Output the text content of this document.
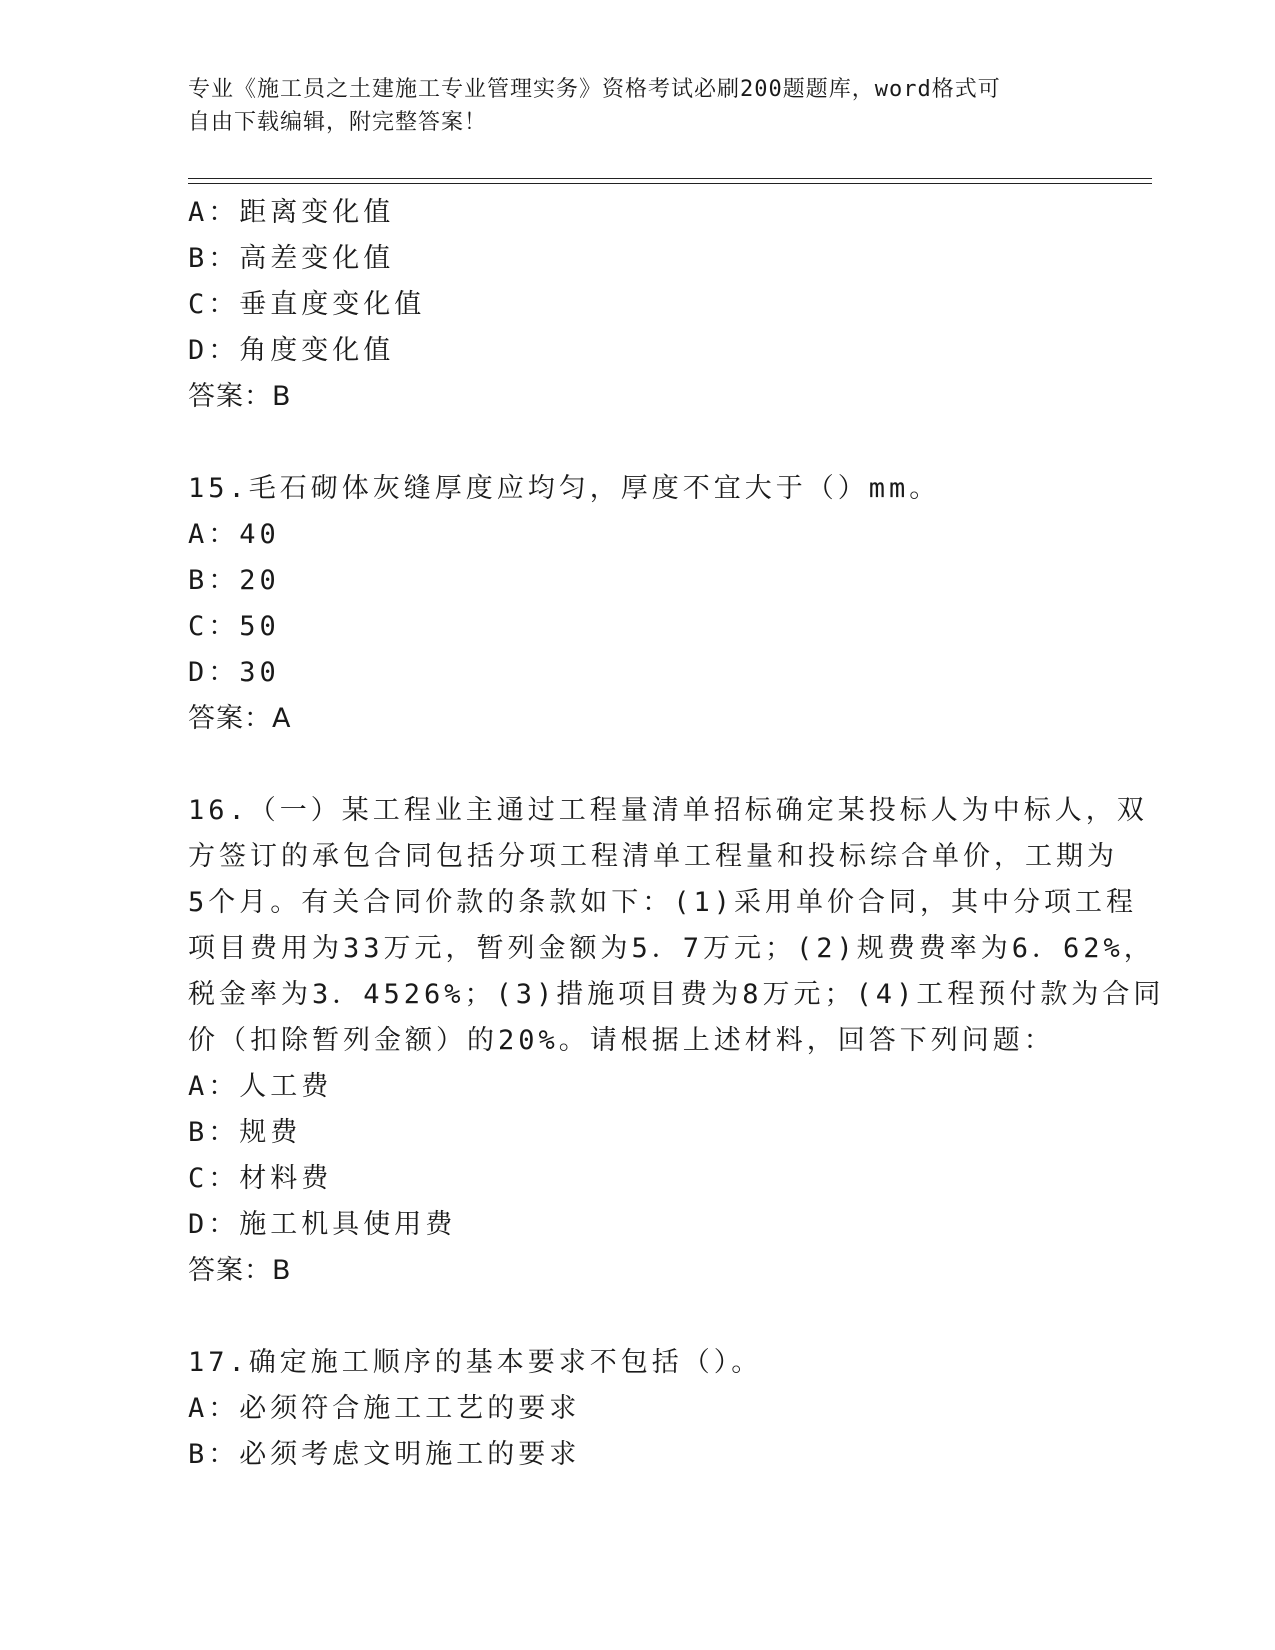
专业《施工员之土建施工专业管理实务》资格考试必刷200题题库，word格式可
自由下载编辑，附完整答案！
A：距离变化值
B：高差变化值
C：垂直度变化值
D：角度变化值
答案：B
15.毛石砌体灰缝厚度应均匀，厚度不宜大于（）mm。
A：40
B：20
C：50
D：30
答案：A
16.（一）某工程业主通过工程量清单招标确定某投标人为中标人，双
方签订的承包合同包括分项工程清单工程量和投标综合单价，工期为
5个月。有关合同价款的条款如下：(1)采用单价合同，其中分项工程
项目费用为33万元，暂列金额为5．7万元；(2)规费费率为6．62%，
税金率为3．4526%；(3)措施项目费为8万元；(4)工程预付款为合同
价（扣除暂列金额）的20%。请根据上述材料，回答下列问题：
A：人工费
B：规费
C：材料费
D：施工机具使用费
答案：B
17.确定施工顺序的基本要求不包括（）。
A：必须符合施工工艺的要求
B：必须考虑文明施工的要求
